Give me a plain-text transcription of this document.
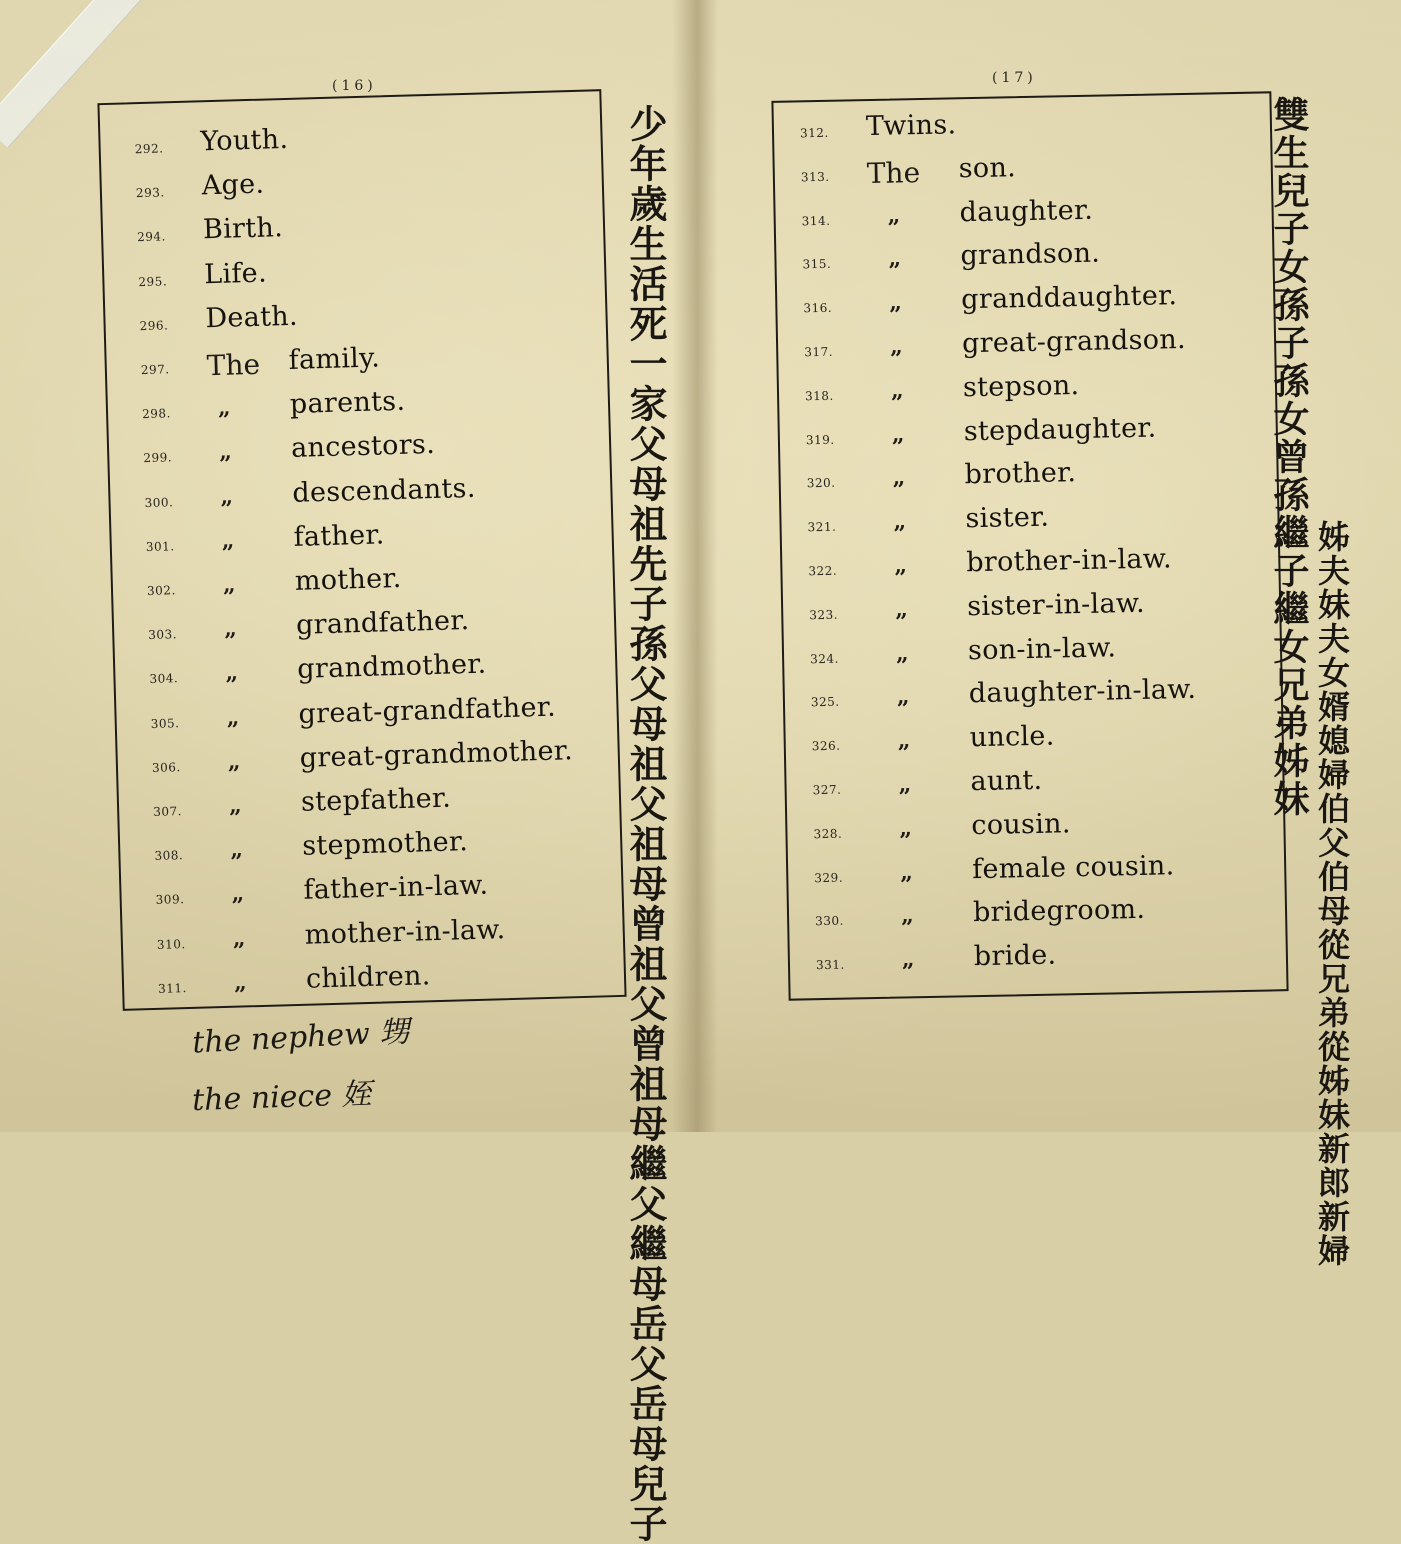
(16)
292. Youth.
293. Age.
294. Birth.
295. Life.
296. Death.
297. The family.
298. „ parents.
299. „ ancestors.
300. „ descendants.
301. „ father.
302. „ mother.
303. „ grandfather.
304. „ grandmother.
305. „ great-grandfather.
306. „ great-grandmother.
307. „ stepfather.
308. „ stepmother.
309. „ father-in-law.
310. „ mother-in-law.
311. „ children.	少年歲生活死一家父母祖先子孫父母祖父祖母曾祖父曾祖母繼父繼母岳父岳母兒子
the nephew 甥
the niece 姪
(17)
312. Twins.
313. The son.
314.	„ daughter.
315.	„ grandson.
316.	„ granddaughter.
317.	„ great-grandson.
318.	„ stepson.
319.	„ stepdaughter.
320.	„ brother.
321.	„ sister.
322.	„ brother-in-law.
323.	„ sister-in-law.
324.	„ son-in-law.
325.	„ daughter-in-law.
326.	„ uncle.
327.	„ aunt.
328.	„ cousin.
329.	„ female cousin.
330.	„ bridegroom.
331.	„ bride.
雙生兒子女孫子孫女曾孫繼子繼女兄弟姊妹
姊夫妹夫女婿媳婦伯父伯母從兄弟從姊妹新郎新婦
